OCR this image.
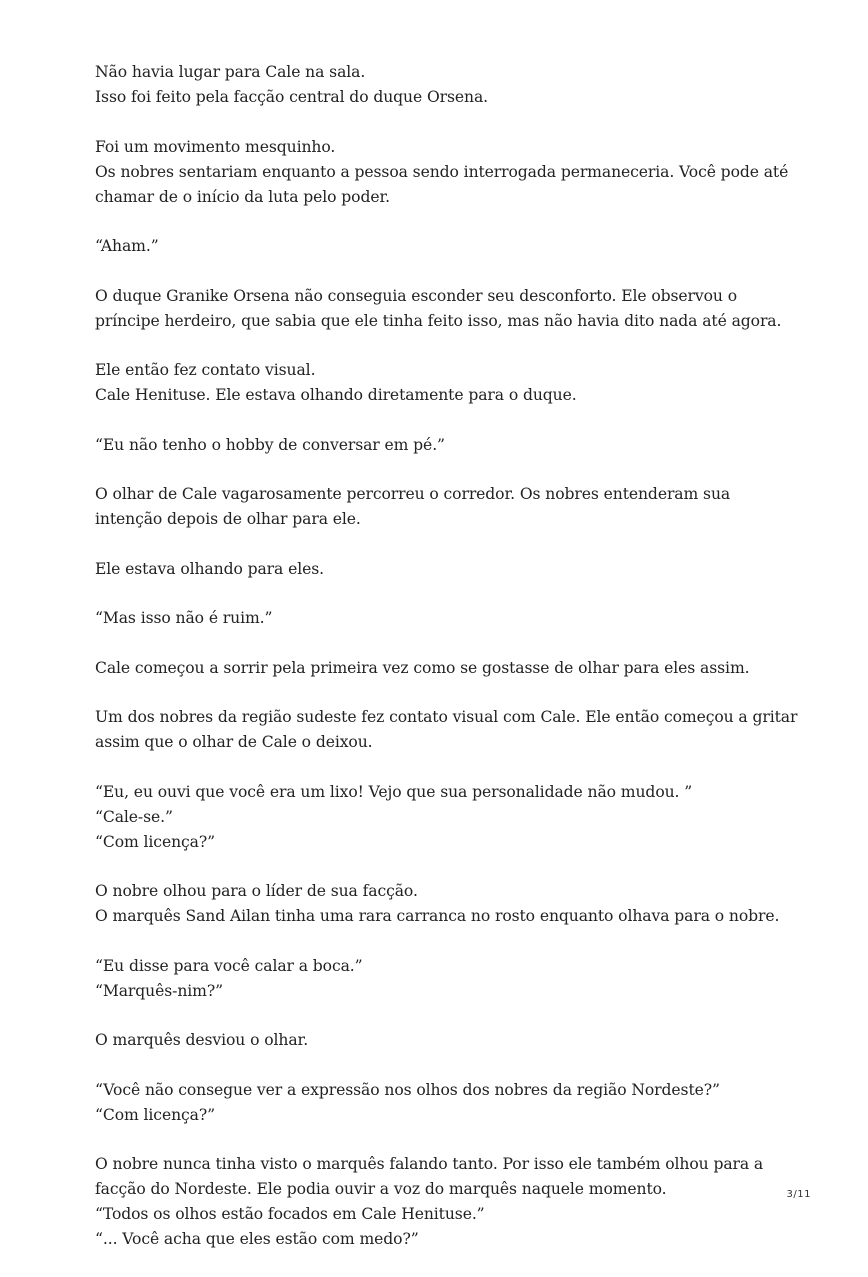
Não havia lugar para Cale na sala.
Isso foi feito pela facção central do duque Orsena.

Foi um movimento mesquinho.
Os nobres sentariam enquanto a pessoa sendo interrogada permaneceria. Você pode até
chamar de o início da luta pelo poder.

“Aham.”

O duque Granike Orsena não conseguia esconder seu desconforto. Ele observou o
príncipe herdeiro, que sabia que ele tinha feito isso, mas não havia dito nada até agora.

Ele então fez contato visual.
Cale Henituse. Ele estava olhando diretamente para o duque.

“Eu não tenho o hobby de conversar em pé.”

O olhar de Cale vagarosamente percorreu o corredor. Os nobres entenderam sua
intenção depois de olhar para ele.

Ele estava olhando para eles.

“Mas isso não é ruim.”

Cale começou a sorrir pela primeira vez como se gostasse de olhar para eles assim.

Um dos nobres da região sudeste fez contato visual com Cale. Ele então começou a gritar
assim que o olhar de Cale o deixou.

“Eu, eu ouvi que você era um lixo! Vejo que sua personalidade não mudou. ”
“Cale-se.”
“Com licença?”

O nobre olhou para o líder de sua facção.
O marquês Sand Ailan tinha uma rara carranca no rosto enquanto olhava para o nobre.

“Eu disse para você calar a boca.”
“Marquês-nim?”

O marquês desviou o olhar.

“Você não consegue ver a expressão nos olhos dos nobres da região Nordeste?”
“Com licença?”

O nobre nunca tinha visto o marquês falando tanto. Por isso ele também olhou para a
facção do Nordeste. Ele podia ouvir a voz do marquês naquele momento.
“Todos os olhos estão focados em Cale Henituse.”
“... Você acha que eles estão com medo?”

3/11
